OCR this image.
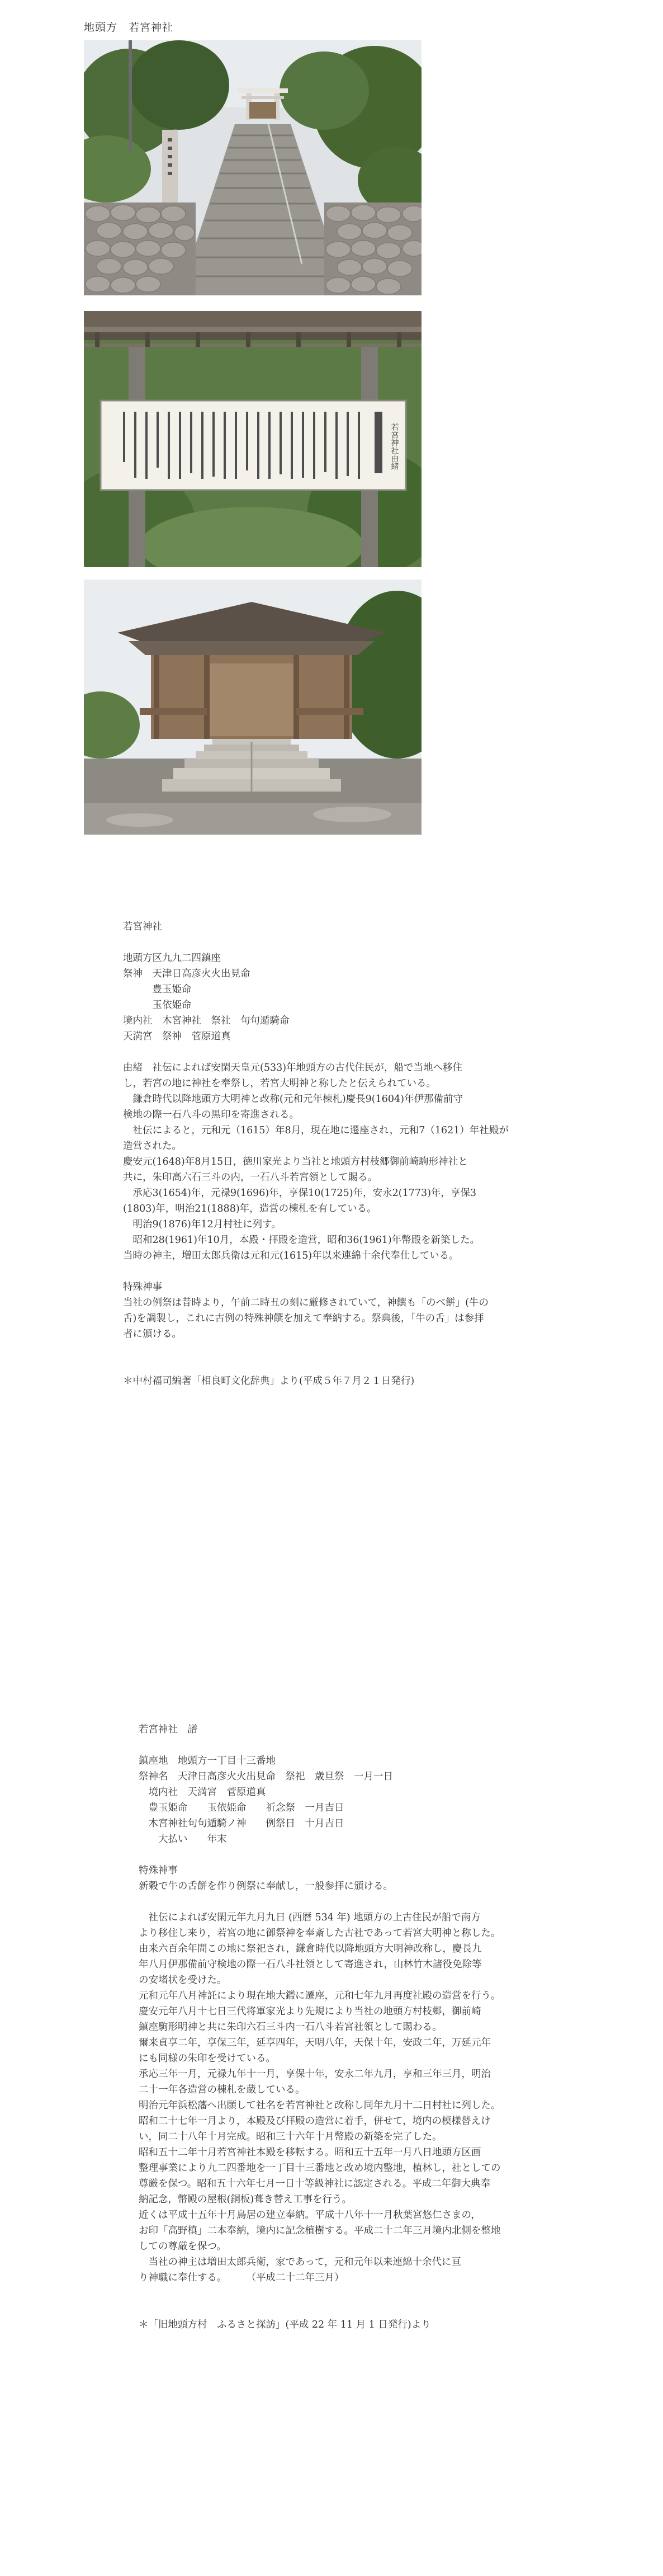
地頭方　若宮神社
若宮神社由緒
若宮神社
地頭方区九九二四鎮座
祭神　天津日高彦火火出見命
　　　豊玉姫命
　　　玉依姫命
境内社　木宮神社　祭社　句句遁騎命
天満宮　祭神　菅原道真
由緒　社伝によれば安閑天皇元(533)年地頭方の古代住民が，船で当地へ移住
し，若宮の地に神社を奉祭し，若宮大明神と称したと伝えられている。
　鎌倉時代以降地頭方大明神と改称(元和元年棟札)慶長9(1604)年伊那備前守
検地の際一石八斗の黒印を寄進される。
　社伝によると，元和元（1615）年8月，現在地に遷座され，元和7（1621）年社殿が
造営された。
慶安元(1648)年8月15日，徳川家光より当社と地頭方村枝郷御前崎駒形神社と
共に，朱印高六石三斗の内，一石八斗若宮領として賜る。
　承応3(1654)年，元禄9(1696)年，享保10(1725)年，安永2(1773)年，享保3
(1803)年，明治21(1888)年，造営の棟札を有している。
　明治9(1876)年12月村社に列す。
　昭和28(1961)年10月，本殿・拝殿を造営，昭和36(1961)年幣殿を新築した。
当時の神主，増田太郎兵衛は元和元(1615)年以来連綿十余代奉仕している。
特殊神事
当社の例祭は昔時より，午前二時丑の刻に厳修されていて，神饌も「のべ餅」(牛の
舌)を調製し，これに古例の特殊神饌を加えて奉納する。祭典後，「牛の舌」は参拝
者に頒ける。
＊中村福司編著「相良町文化辞典」より(平成５年７月２１日発行)
若宮神社　譜
鎮座地　地頭方一丁目十三番地
祭神名　天津日高彦火火出見命　祭祀　歳旦祭　一月一日
　境内社　天満宮　菅原道真
　豊玉姫命　　玉依姫命　　祈念祭　一月吉日
　木宮神社句句遁騎ノ神　　例祭日　十月吉日
　　大払い　　年末
特殊神事
新穀で牛の舌餅を作り例祭に奉献し，一般参拝に頒ける。
　社伝によれば安閑元年九月九日 (西暦 534 年) 地頭方の上古住民が船で南方
より移住し来り，若宮の地に御祭神を奉斎した古社であって若宮大明神と称した。
由来六百余年間この地に祭祀され，鎌倉時代以降地頭方大明神改称し，慶長九
年八月伊那備前守検地の際一石八斗社領として寄進され，山林竹木諸役免除等
の安堵状を受けた。
元和元年八月神託により現在地大鑑に遷座，元和七年九月再度社殿の造営を行う。
慶安元年八月十七日三代将軍家光より先規により当社の地頭方村枝郷，御前崎
鎮座駒形明神と共に朱印六石三斗内一石八斗若宮社領として賜わる。
爾来貞享二年，享保三年，延享四年，天明八年，天保十年，安政二年，万延元年
にも同様の朱印を受けている。
承応三年一月，元禄九年十一月，享保十年，安永二年九月，享和三年三月，明治
二十一年各造営の棟札を蔵している。
明治元年浜松藩へ出願して社名を若宮神社と改称し同年九月十二日村社に列した。
昭和二十七年一月より，本殿及び拝殿の造営に着手，併せて，境内の模様替えけ
い，同二十八年十月完成。昭和三十六年十月幣殿の新築を完了した。
昭和五十二年十月若宮神社本殿を移転する。昭和五十五年一月八日地頭方区画
整理事業により九二四番地を一丁目十三番地と改め境内整地，植林し，社としての
尊厳を保つ。昭和五十六年七月一日十等級神社に認定される。平成二年御大典奉
納記念，幣殿の屋根(銅板)葺き替え工事を行う。
近くは平成十五年十月鳥居の建立奉納。平成十八年十一月秋葉宮悠仁さまの，
お印「高野槙」二本奉納，境内に記念植樹する。平成二十二年三月境内北側を整地
しての尊厳を保つ。
　当社の神主は増田太郎兵衛，家であって，元和元年以来連綿十余代に亘
り神職に奉仕する。　　　（平成二十二年三月）
＊「旧地頭方村　ふるさと探訪」(平成 22 年 11 月 1 日発行)より
